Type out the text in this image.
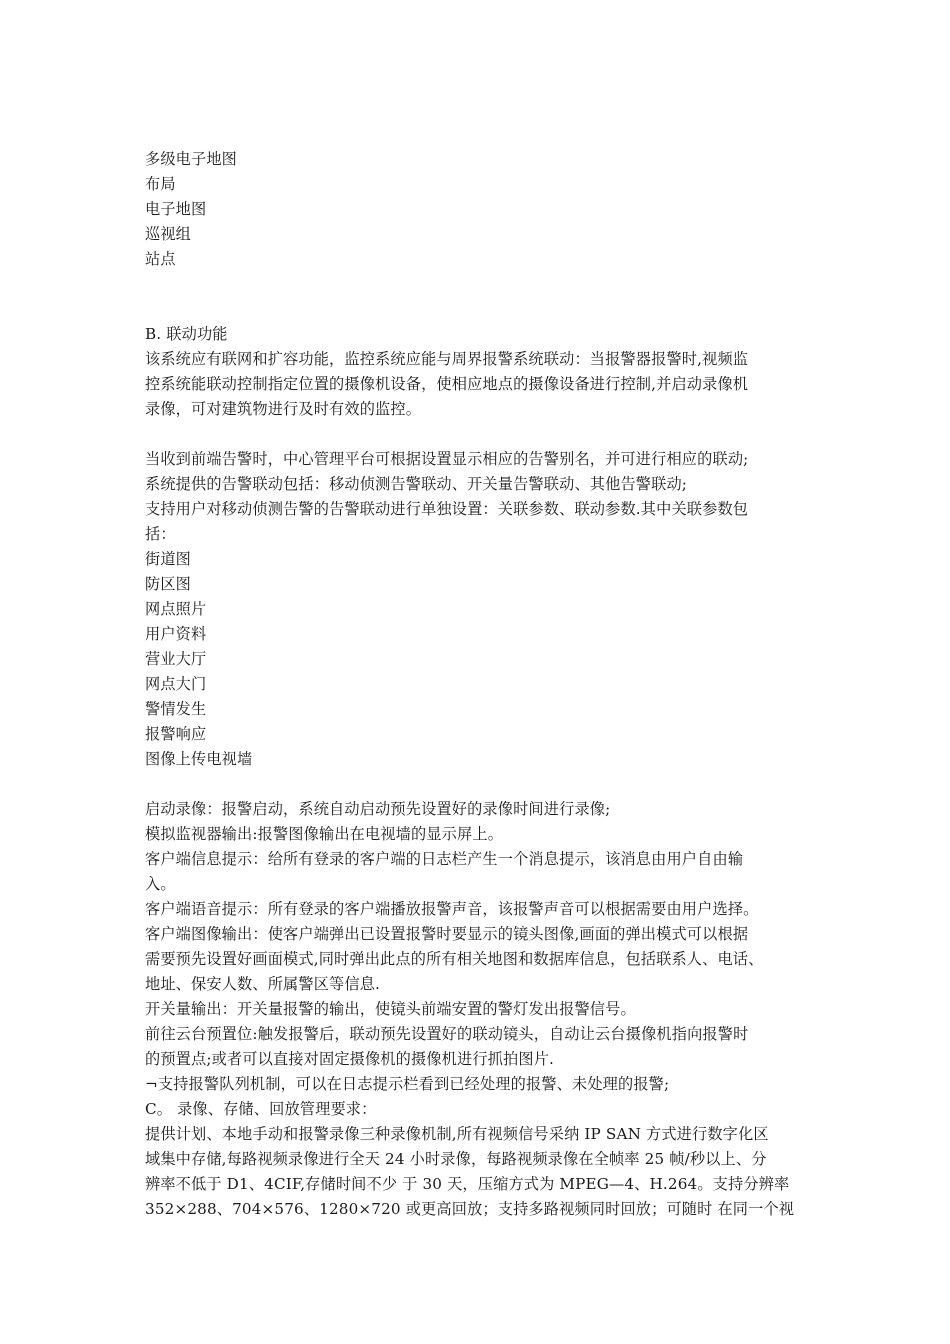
多级电子地图
布局
电子地图
巡视组
站点
B. 联动功能
该系统应有联网和扩容功能，监控系统应能与周界报警系统联动：当报警器报警时,视频监
控系统能联动控制指定位置的摄像机设备，使相应地点的摄像设备进行控制,并启动录像机
录像，可对建筑物进行及时有效的监控。
当收到前端告警时，中心管理平台可根据设置显示相应的告警别名，并可进行相应的联动;
系统提供的告警联动包括：移动侦测告警联动、开关量告警联动、其他告警联动;
支持用户对移动侦测告警的告警联动进行单独设置：关联参数、联动参数.其中关联参数包
括：
街道图
防区图
网点照片
用户资料
营业大厅
网点大门
警情发生
报警响应
图像上传电视墙
启动录像：报警启动，系统自动启动预先设置好的录像时间进行录像;
模拟监视器输出:报警图像输出在电视墙的显示屏上。
客户端信息提示：给所有登录的客户端的日志栏产生一个消息提示，该消息由用户自由输
入。
客户端语音提示：所有登录的客户端播放报警声音，该报警声音可以根据需要由用户选择。
客户端图像输出：使客户端弹出已设置报警时要显示的镜头图像,画面的弹出模式可以根据
需要预先设置好画面模式,同时弹出此点的所有相关地图和数据库信息，包括联系人、电话、
地址、保安人数、所属警区等信息.
开关量输出：开关量报警的输出，使镜头前端安置的警灯发出报警信号。
前往云台预置位:触发报警后，联动预先设置好的联动镜头，自动让云台摄像机指向报警时
的预置点;或者可以直接对固定摄像机的摄像机进行抓拍图片.
¬支持报警队列机制，可以在日志提示栏看到已经处理的报警、未处理的报警;
C。 录像、存储、回放管理要求：
提供计划、本地手动和报警录像三种录像机制,所有视频信号采纳 IP SAN 方式进行数字化区
域集中存储,每路视频录像进行全天 24 小时录像，每路视频录像在全帧率 25 帧/秒以上、分
辨率不低于 D1、4CIF,存储时间不少 于 30 天，压缩方式为 MPEG—4、H.264。支持分辨率
352×288、704×576、1280×720 或更高回放；支持多路视频同时回放；可随时 在同一个视
